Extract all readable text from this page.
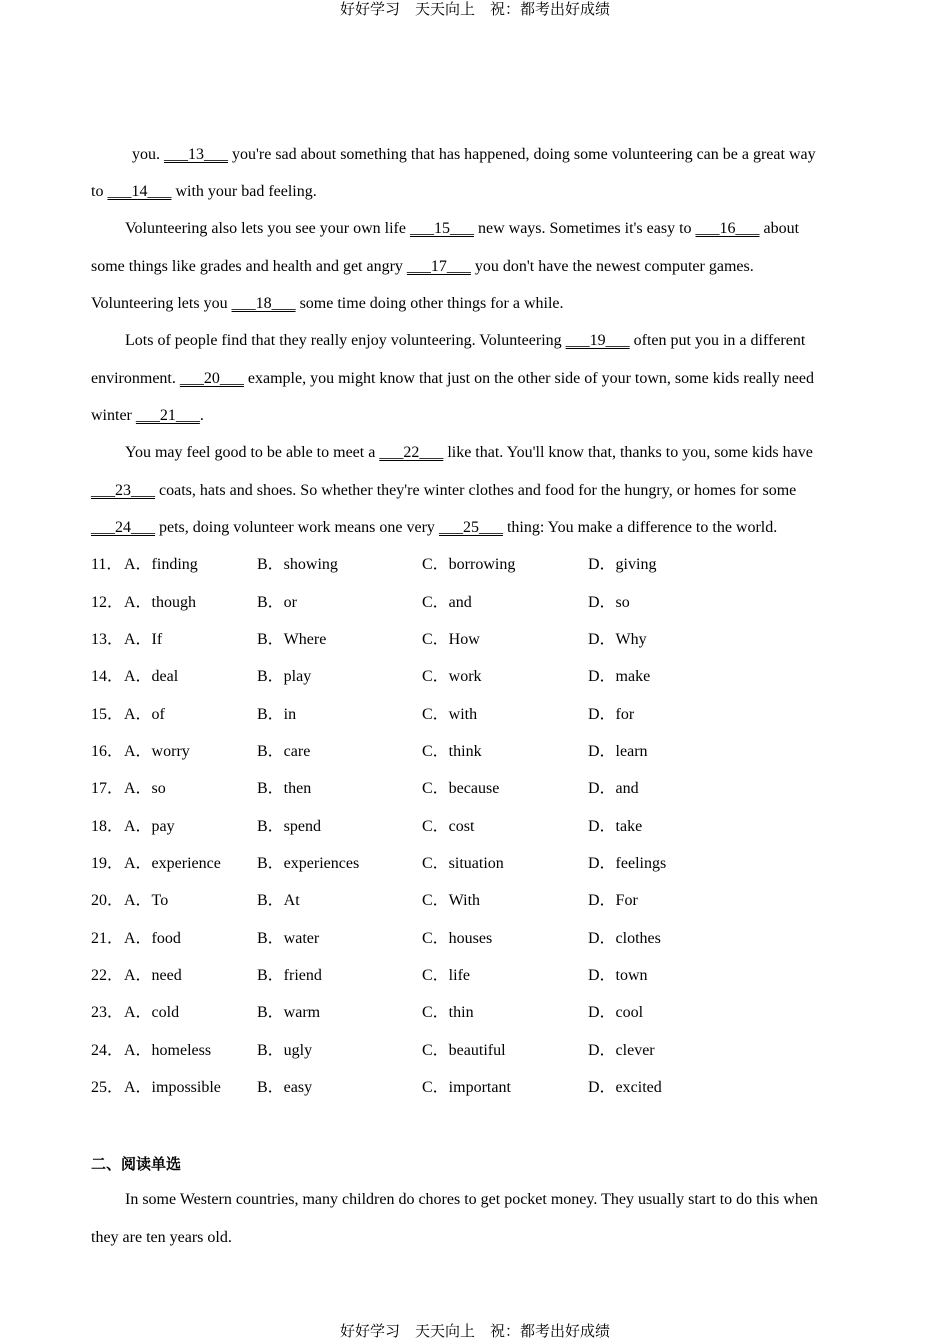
好好学习　天天向上　祝：都考出好成绩
you. ___13___ you're sad about something that has happened, doing some volunteering can be a great way
to ___14___ with your bad feeling.
Volunteering also lets you see your own life ___15___ new ways. Sometimes it's easy to ___16___ about
some things like grades and health and get angry ___17___ you don't have the newest computer games.
Volunteering lets you ___18___ some time doing other things for a while.
Lots of people find that they really enjoy volunteering. Volunteering ___19___ often put you in a different
environment. ___20___ example, you might know that just on the other side of your town, some kids really need
winter ___21___.
You may feel good to be able to meet a ___22___ like that. You'll know that, thanks to you, some kids have
___23___ coats, hats and shoes. So whether they're winter clothes and food for the hungry, or homes for some
___24___ pets, doing volunteer work means one very ___25___ thing: You make a difference to the world.
11． A．finding	B．showing	C．borrowing	D．giving
12． A．though	B．or	C．and	D．so
13． A．If	B．Where	C．How	D．Why
14． A．deal	B．play	C．work	D．make
15． A．of	B．in	C．with	D．for
16． A．worry	B．care	C．think	D．learn
17． A．so	B．then	C．because	D．and
18． A．pay	B．spend	C．cost	D．take
19． A．experience B．experiences	C．situation	D．feelings
20． A．To	B．At	C．With	D．For
21． A．food	B．water	C．houses	D．clothes
22． A．need	B．friend	C．life	D．town
23． A．cold	B．warm	C．thin	D．cool
24． A．homeless	B．ugly	C．beautiful	D．clever
25． A．impossible B．easy	C．important	D．excited
二、阅读单选
In some Western countries, many children do chores to get pocket money. They usually start to do this when
they are ten years old.
好好学习　天天向上　祝：都考出好成绩
